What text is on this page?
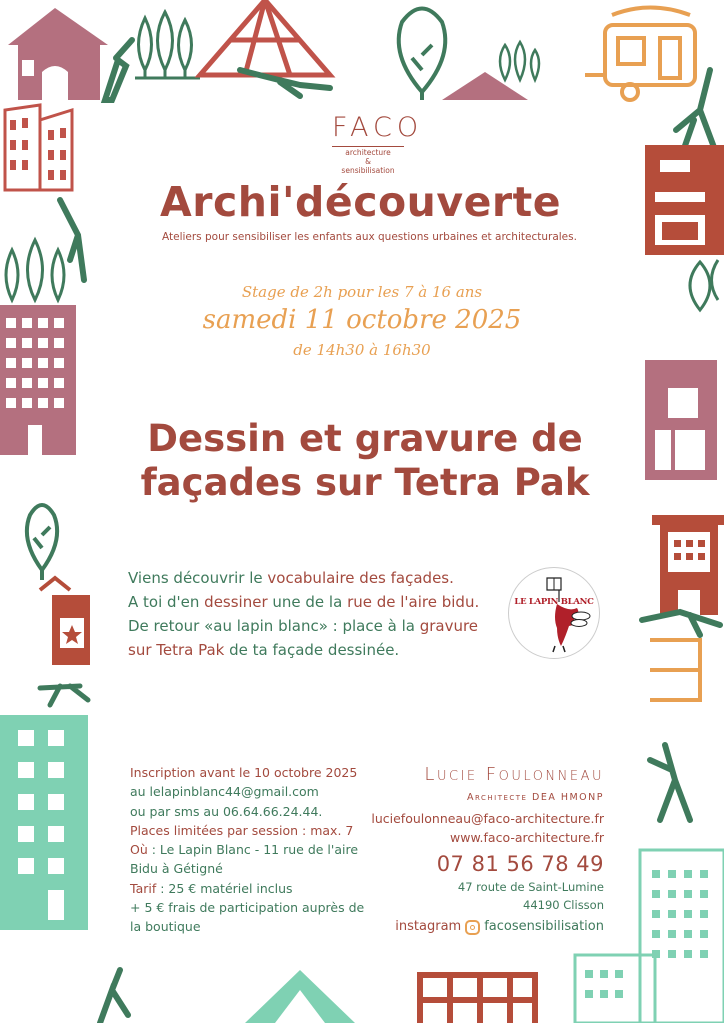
FACO
architecture
&
sensibilisation
Archi'découverte
Ateliers pour sensibiliser les enfants aux questions urbaines et architecturales.
Stage de 2h pour les 7 à 16 ans
samedi 11 octobre 2025
de 14h30 à 16h30
Dessin et gravure de
façades sur Tetra Pak
Viens découvrir le vocabulaire des façades.
A toi d'en dessiner une de la rue de l'aire bidu.
De retour «au lapin blanc» : place à la gravure
sur Tetra Pak de ta façade dessinée.
LE LAPIN BLANC
Inscription avant le 10 octobre 2025
au lelapinblanc44@gmail.com
ou par sms au 06.64.66.24.44.
Places limitées par session : max. 7
Où : Le Lapin Blanc - 11 rue de l'aire
Bidu à Gétigné
Tarif : 25 € matériel inclus
+ 5 € frais de participation auprès de
la boutique
Lucie Foulonneau
Architecte DEA HMONP
luciefoulonneau@faco-architecture.fr
www.faco-architecture.fr
07 81 56 78 49
47 route de Saint-Lumine
44190 Clisson
instagram facosensibilisation
